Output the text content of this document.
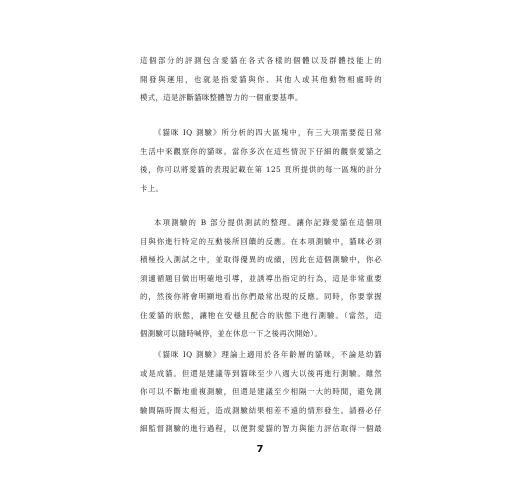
這個部分的評測包含愛貓在各式各樣的個體以及群體技能上的
開發與運用，也就是指愛貓與你、其他人或其他動物相處時的
模式，這是評斷貓咪整體智力的一個重要基準。
《貓咪 IQ 測驗》所分析的四大區塊中，有三大項需要從日常
生活中來觀察你的貓咪。當你多次在這些情況下仔細的觀察愛貓之
後，你可以將愛貓的表現記載在第 125 頁所提供的每一區塊的計分
卡上。
本項測驗的 B 部分提供測試的整理。讓你記錄愛貓在這個項
目與你進行特定的互動後所回饋的反應。在本項測驗中，貓咪必須
積極投入測試之中，並取得優異的成績，因此在這個測驗中，你必
須適循題目做出明確地引導，並誘導出指定的行為，這是非常重要
的，然後你將會明顯地看出你們最常出現的反應。同時，你要掌握
住愛貓的狀態，讓牠在安穩且配合的狀態下進行測驗。（當然，這
個測驗可以隨時喊停，並在休息一下之後再次開始）。
《貓咪 IQ 測驗》理論上適用於各年齡層的貓咪，不論是幼貓
或是成貓。但還是建議等到貓咪至少八週大以後再進行測驗。雖然
你可以不斷地重複測驗，但還是建議至少相隔一大的時間，避免測
驗間隔時間太相近，造成測驗結果相差不遠的情形發生。請務必仔
細監督測驗的進行過程，以便對愛貓的智力與能力評估取得一個最
7
